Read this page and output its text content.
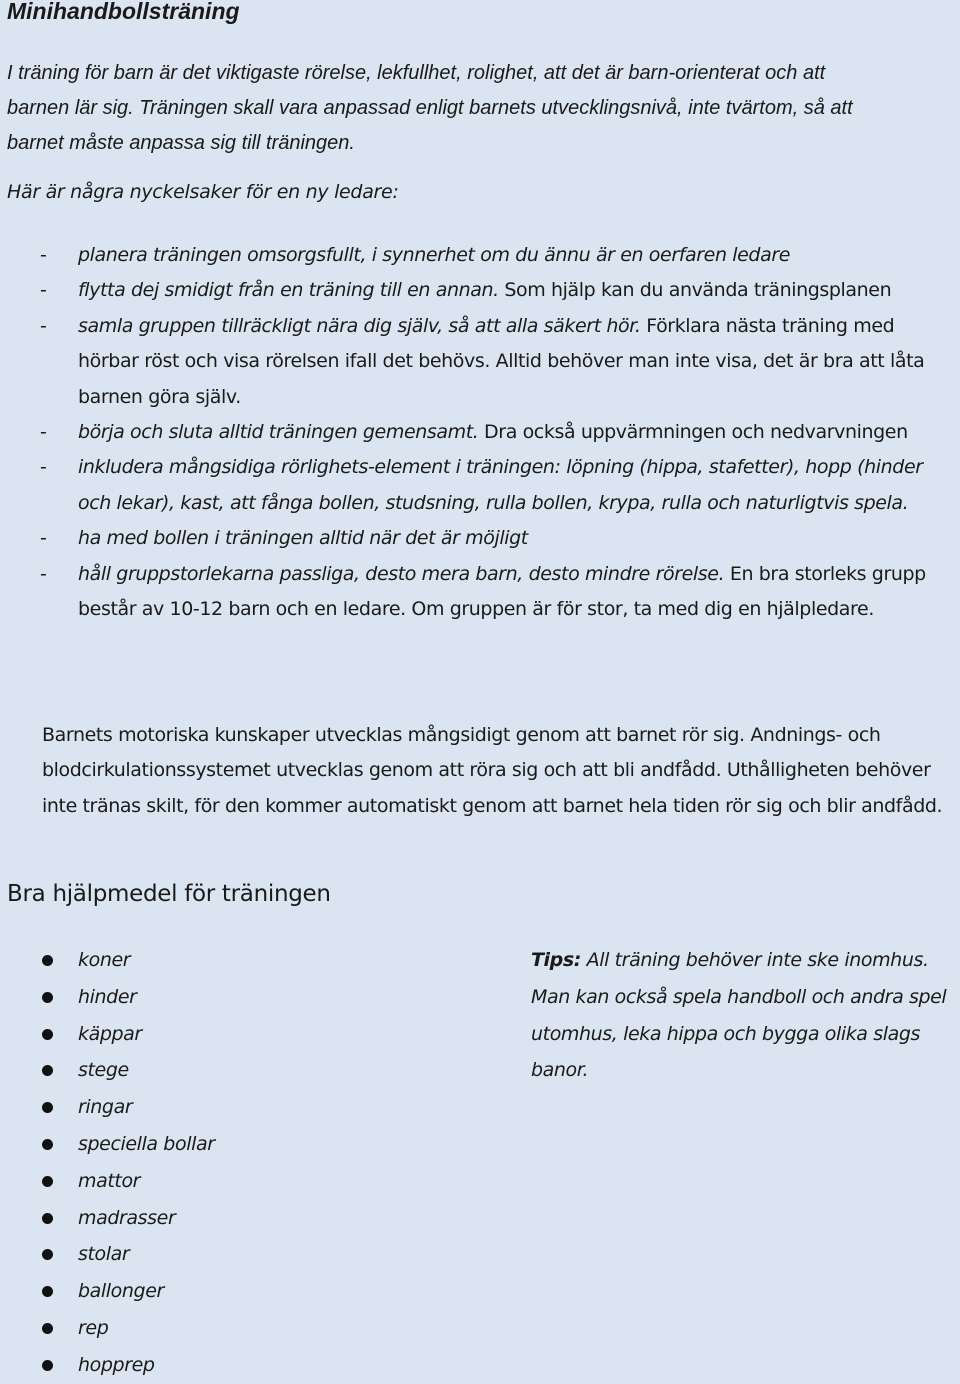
Minihandbollsträning

I träning för barn är det viktigaste rörelse, lekfullhet, rolighet, att det är barn-orienterat och att
barnen lär sig. Träningen skall vara anpassad enligt barnets utvecklingsnivå, inte tvärtom, så att
barnet måste anpassa sig till träningen.

Här är några nyckelsaker för en ny ledare:

- planera träningen omsorgsfullt, i synnerhet om du ännu är en oerfaren ledare
- flytta dej smidigt från en träning till en annan. Som hjälp kan du använda träningsplanen
- samla gruppen tillräckligt nära dig själv, så att alla säkert hör. Förklara nästa träning med hörbar röst och visa rörelsen ifall det behövs. Alltid behöver man inte visa, det är bra att låta barnen göra själv.
- börja och sluta alltid träningen gemensamt. Dra också uppvärmningen och nedvarvningen
- inkludera mångsidiga rörlighets-element i träningen: löpning (hippa, stafetter), hopp (hinder och lekar), kast, att fånga bollen, studsning, rulla bollen, krypa, rulla och naturligtvis spela.
- ha med bollen i träningen alltid när det är möjligt
- håll gruppstorlekarna passliga, desto mera barn, desto mindre rörelse. En bra storleks grupp består av 10-12 barn och en ledare. Om gruppen är för stor, ta med dig en hjälpledare.

Barnets motoriska kunskaper utvecklas mångsidigt genom att barnet rör sig. Andnings- och blodcirkulationssystemet utvecklas genom att röra sig och att bli andfådd. Uthålligheten behöver inte tränas skilt, för den kommer automatiskt genom att barnet hela tiden rör sig och blir andfådd.

Bra hjälpmedel för träningen
koner
hinder
käppar
stege
ringar
speciella bollar
mattor
madrasser
stolar
ballonger
rep
hopprep

Tips: All träning behöver inte ske inomhus. Man kan också spela handboll och andra spel utomhus, leka hippa och bygga olika slags banor.
